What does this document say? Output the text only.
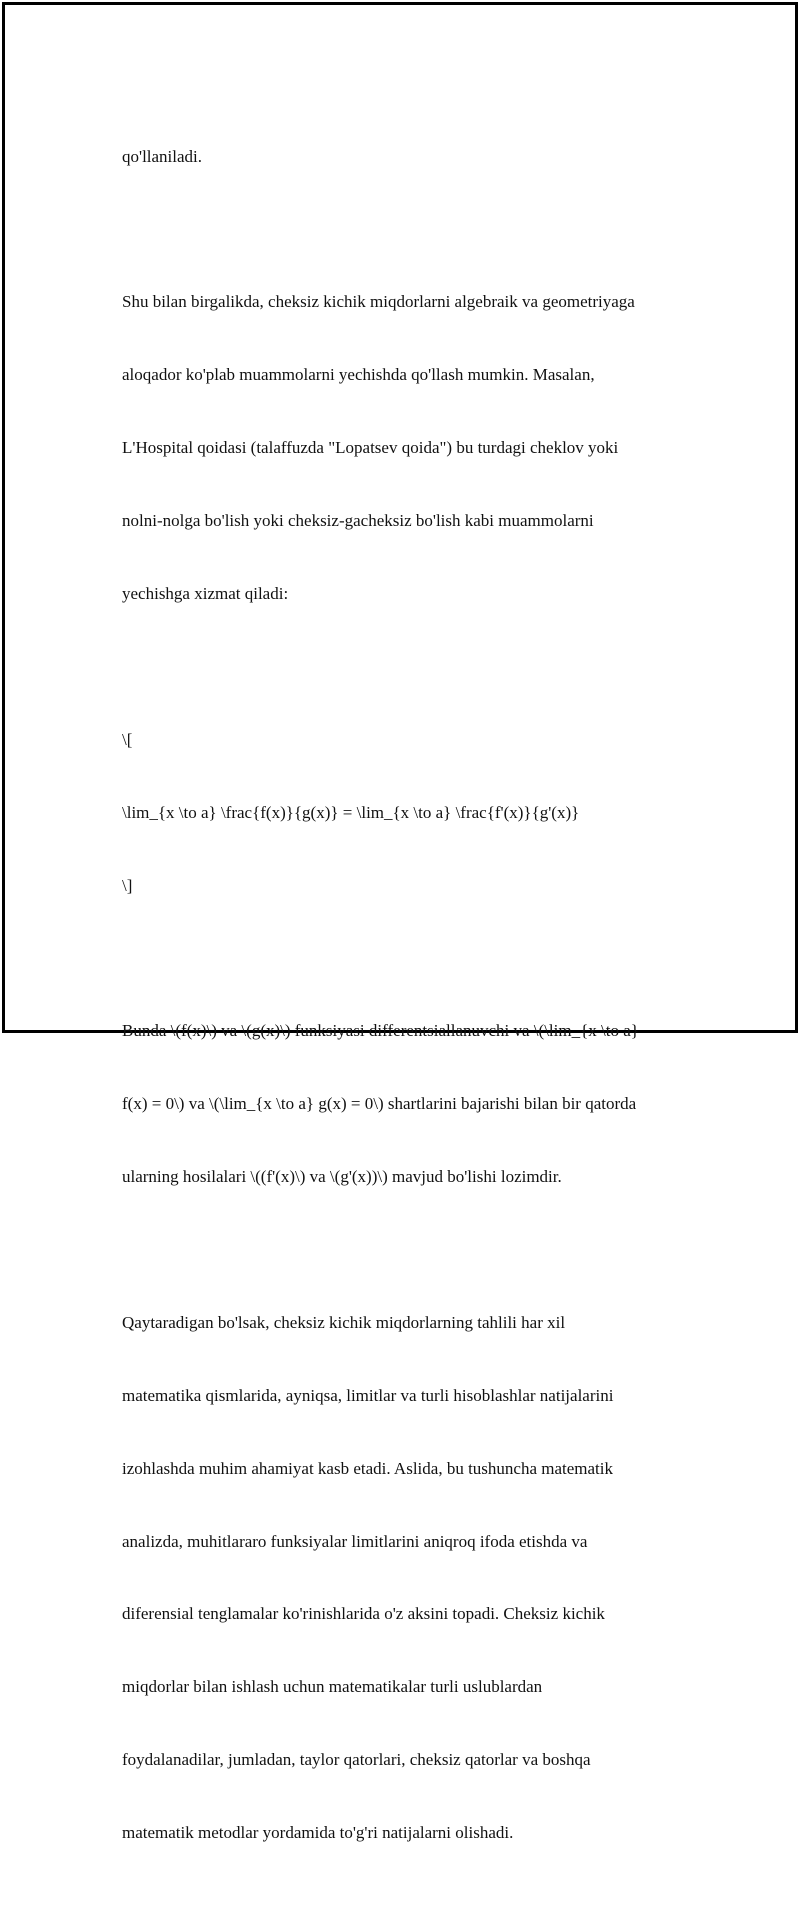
qo'llaniladi.

Shu bilan birgalikda, cheksiz kichik miqdorlarni algebraik va geometriyaga

aloqador ko'plab muammolarni yechishda qo'llash mumkin. Masalan,

L'Hospital qoidasi (talaffuzda "Lopatsev qoida") bu turdagi cheklov yoki

nolni-nolga bo'lish yoki cheksiz-gacheksiz bo'lish kabi muammolarni

yechishga xizmat qiladi:

\[

\lim_{x \to a} \frac{f(x)}{g(x)} = \lim_{x \to a} \frac{f'(x)}{g'(x)}

\]

Bunda \(f(x)\) va \(g(x)\) funksiyasi differentsiallanuvchi va \(\lim_{x \to a}

f(x) = 0\) va \(\lim_{x \to a} g(x) = 0\) shartlarini bajarishi bilan bir qatorda

ularning hosilalari \((f'(x)\) va \(g'(x))\) mavjud bo'lishi lozimdir.

Qaytaradigan bo'lsak, cheksiz kichik miqdorlarning tahlili har xil

matematika qismlarida, ayniqsa, limitlar va turli hisoblashlar natijalarini

izohlashda muhim ahamiyat kasb etadi. Aslida, bu tushuncha matematik

analizda, muhitlararo funksiyalar limitlarini aniqroq ifoda etishda va

diferensial tenglamalar ko'rinishlarida o'z aksini topadi. Cheksiz kichik

miqdorlar bilan ishlash uchun matematikalar turli uslublardan

foydalanadilar, jumladan, taylor qatorlari, cheksiz qatorlar va boshqa

matematik metodlar yordamida to'g'ri natijalarni olishadi.
